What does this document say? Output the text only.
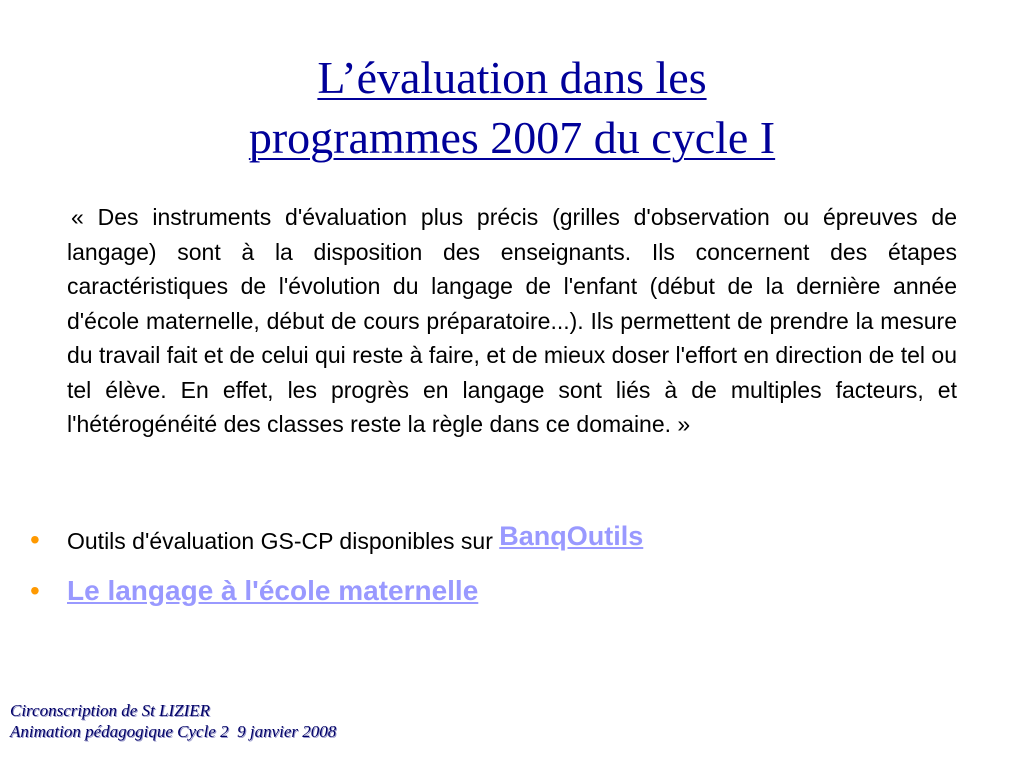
L’évaluation dans les
programmes 2007 du cycle I
« Des instruments d'évaluation plus précis (grilles d'observation ou épreuves de langage) sont à la disposition des enseignants. Ils concernent des étapes caractéristiques de l'évolution du langage de l'enfant (début de la dernière année d'école maternelle, début de cours préparatoire...). Ils permettent de prendre la mesure du travail fait et de celui qui reste à faire, et de mieux doser l'effort en direction de tel ou tel élève. En effet, les progrès en langage sont liés à de multiples facteurs, et l'hétérogénéité des classes reste la règle dans ce domaine. »
• Outils d'évaluation GS-CP disponibles sur BanqOutils
• Le langage à l'école maternelle
Circonscription de St LIZIER
Animation pédagogique Cycle 2  9 janvier 2008
